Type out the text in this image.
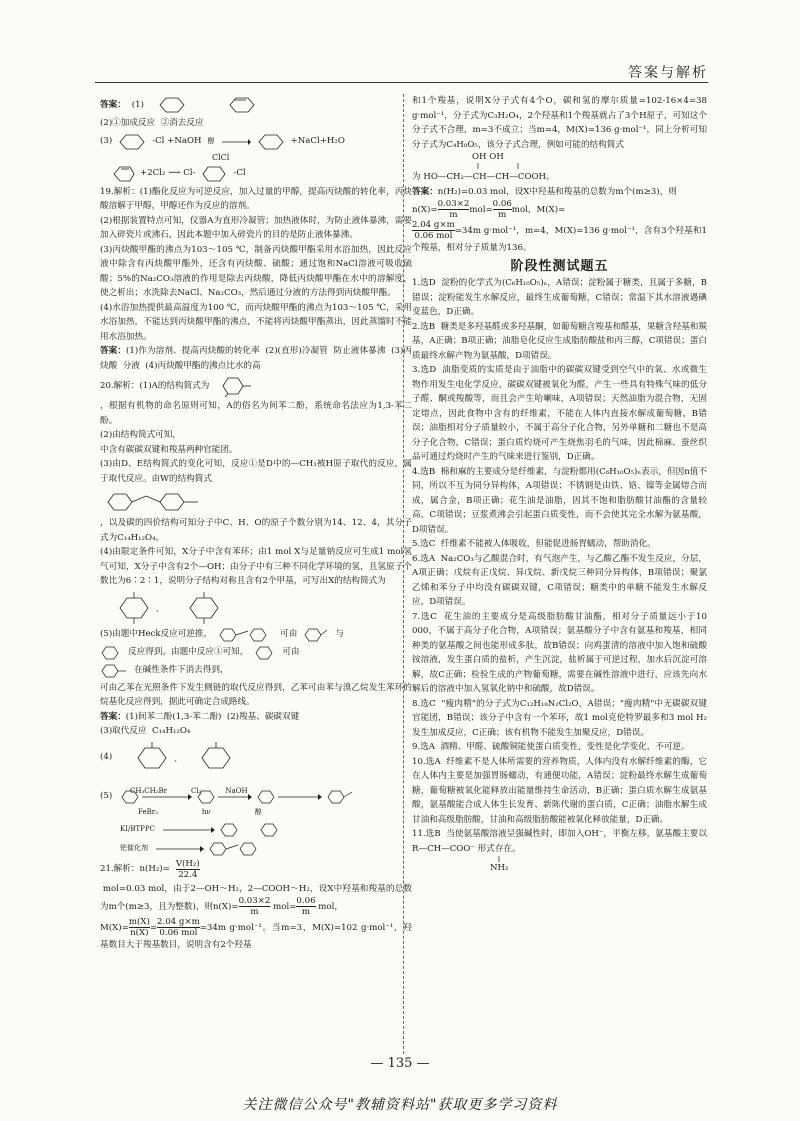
答案与解析
答案： (1)

(2)①加成反应  ②消去反应

(3)	-Cl +NaOH 醇 →	+NaCl+H₂O
ClCl
+2Cl₂ ⟶ Cl-	-Cl

19.解析：(1)酯化反应为可逆反应，加入过量的甲醇，提高丙炔酸的转化率，丙炔酸溶解于甲醇，甲醇还作为反应的溶剂。
(2)根据装置特点可知，仪器A为直形冷凝管；加热液体时，为防止液体暴沸，需要加入碎瓷片或沸石，因此本题中加入碎瓷片的目的是防止液体暴沸。
(3)丙炔酸甲酯的沸点为103～105 ℃，制备丙炔酸甲酯采用水浴加热，因此反应液中除含有丙炔酸甲酯外，还含有丙炔酸、硫酸；通过饱和NaCl溶液可吸收硫酸；5%的Na₂CO₃溶液的作用是除去丙炔酸，降低丙炔酸甲酯在水中的溶解度，使之析出；水洗除去NaCl、Na₂CO₃，然后通过分液的方法得到丙炔酸甲酯。
(4)水浴加热提供最高温度为100 ℃，而丙炔酸甲酯的沸点为103～105 ℃，采用水浴加热，不能达到丙炔酸甲酯的沸点，不能将丙炔酸甲酯蒸出，因此蒸馏时不能用水浴加热。

答案：(1)作为溶剂、提高丙炔酸的转化率  (2)(直形)冷凝管  防止液体暴沸  (3)丙炔酸  分液  (4)丙炔酸甲酯的沸点比水的高

20.解析：(1)A的结构简式为

，根据有机物的命名原则可知，A的俗名为间苯二酚，系统命名法应为1,3-苯二酚。
(2)由结构简式可知，

中含有碳碳双键和羧基两种官能团。
(3)由D、E结构简式的变化可知，反应①是D中的—CH₃被H原子取代的反应，属于取代反应。由W的结构简式

，以及碳的四价结构可知分子中C、H、O的原子个数分别为14、12、4，其分子式为C₁₄H₁₂O₄。
(4)由限定条件可知，X分子中含有苯环；由1 mol X与足量钠反应可生成1 mol氢气可知，X分子中含有2个—OH；由分子中有三种不同化学环境的氢，且氢原子个数比为6∶2∶1，说明分子结构对称且含有2个甲基，可写出X的结构简式为

、
(5)由题中Heck反应可逆推，	可由	与
反应得到。由题中反应①可知，	可由
在碱性条件下消去得到，

可由乙苯在光照条件下发生侧链的取代反应得到，乙苯可由苯与溴乙烷发生苯环的烷基化反应得到，据此可确定合成路线。

答案：(1)间苯二酚(1,3-苯二酚)  (2)羧基、碳碳双键
(3)取代反应  C₁₄H₁₂O₄

(4)	、
(5)
CH₃CH₂Br	Cl₂	NaOH
FeBr₃	hν	醇
KI/BTPPC
钯催化剂
21.解析：$n(H_2)= \frac{\text{V(H₂)}}{22.4}$

mol=0.03 mol，由于2—OH～H₂，2—COOH～H₂，设X中羟基和羧基的总数为m个(m≥3，且为整数)，则$n(X)= \frac{0.03\times 2}{m} mol= \frac{0.06}{m}$ mol，

$M(X)= \frac{m(X)}{n(X)}$ =
2.04 g×m
0.06 mol =34m g·mol⁻¹。当m=3，M(X)=102 g·mol⁻¹，羟基数目大于羧基数目，说明含有2个羟基

和1个羧基，说明X分子式有4个O，碳和氢的摩尔质量=102-16×4=38 g·mol⁻¹，分子式为C₃H₂O₄，2个羟基和1个羧基就占了3个H原子，可知这个分子式不合理，m=3不成立；当m=4，M(X)=136 g·mol⁻¹，同上分析可知分子式为C₄H₈O₅，该分子式合理，例如可能的结构简式

OH OH

为 HO—CH₂—CH—CH—COOH。

答案：n(H₂)=0.03 mol，设X中羟基和羧基的总数为m个(m≥3)，则

$n(X)= \frac{0.03\times 2}{m} mol= \frac{0.06}{m}$ mol，M(X)=

2.04 g×m
0.06 mol =34m g·mol⁻¹，m=4，M(X)=136 g·mol⁻¹，含有3个羟基和1个羧基，相对分子质量为136。

阶段性测试题五

1.选D  淀粉的化学式为(C₆H₁₀O₅)ₙ，A错误；淀粉属于糖类，且属于多糖，B错误；淀粉能发生水解反应，最终生成葡萄糖，C错误；常温下其水溶液遇碘变蓝色，D正确。

2.选B  糖类是多羟基醛或多羟基酮，如葡萄糖含羧基和醛基，果糖含羟基和羰基，A正确；B项正确；油脂皂化反应生成脂肪酸盐和丙三醇，C项错误；蛋白质最终水解产物为氨基酸，D项错误。

3.选D  油脂变质的实质是由于油脂中的碳碳双键受到空气中的氧、水或微生物作用发生电化学反应，碳碳双键被氧化为醛，产生一些具有特殊气味的低分子醛、酮或羧酸等，而且会产生哈喇味，A项错误；天然油脂为混合物，无固定熔点，因此食物中含有的纤维素，不能在人体内直接水解成葡萄糖，B错误；油脂相对分子质量较小，不属于高分子化合物，另外单糖和二糖也不是高分子化合物，C错误；蛋白质灼烧可产生烧焦羽毛的气味，因此棉麻、蚕丝织品可通过灼烧时产生的气味来进行鉴别，D正确。

4.选B  棉和麻的主要成分是纤维素，与淀粉都用(C₆H₁₀O₅)ₙ表示，但因n值不同，所以不互为同分异构体，A项错误；不锈钢是由铁、铬、镍等金属熔合而成，属合金，B项正确；花生油是油脂，因其不饱和脂肪酸甘油酯的含量较高，C项错误；豆浆煮沸会引起蛋白质变性，而不会使其完全水解为氨基酸，D项错误。

5.选C  纤维素不能被人体吸收，但能促进肠胃蠕动，帮助消化。

6.选A  Na₂CO₃与乙酸混合时，有气泡产生，与乙酸乙酯不发生反应，分层，A项正确；戊烷有正戊烷、异戊烷、新戊烷三种同分异构体，B项错误；聚氯乙烯和苯分子中均没有碳碳双键，C项错误；糖类中的单糖不能发生水解反应，D项错误。

7.选C  花生油的主要成分是高级脂肪酸甘油酯，相对分子质量远小于10 000，不属于高分子化合物，A项错误；氨基酸分子中含有氨基和羧基，相同种类的氨基酸之间也能形成多肽，故B错误；向鸡蛋清的溶液中加入饱和硫酸铵溶液，发生蛋白质的盐析，产生沉淀，盐析属于可逆过程，加水后沉淀可溶解，故C正确；检验生成的产物葡萄糖，需要在碱性溶液中进行，应该先向水解后的溶液中加入氢氧化钠中和硫酸，故D错误。

8.选C  "瘦肉精"的分子式为C₁₂H₁₈N₂Cl₂O，A错误；"瘦肉精"中无碳碳双键官能团，B错误；该分子中含有一个苯环，故1 mol克伦特罗最多和3 mol H₂发生加成反应，C正确；该有机物不能发生加聚反应，D错误。

9.选A  酒精、甲醛、硫酸铜能使蛋白质变性，变性是化学变化，不可逆。

10.选A  纤维素不是人体所需要的营养物质，人体内没有水解纤维素的酶，它在人体内主要是加强胃肠蠕动，有通便功能，A错误；淀粉最终水解生成葡萄糖，葡萄糖被氧化能释放出能量维持生命活动，B正确；蛋白质水解生成氨基酸，氨基酸能合成人体生长发育、新陈代谢的蛋白质，C正确；油脂水解生成甘油和高级脂肪酸，甘油和高级脂肪酸能被氧化释放能量，D正确。

11.选B  当使氨基酸溶液呈强碱性时，即加入OH⁻，平衡左移，氨基酸主要以 R—CH—COO⁻ 形式存在。

NH₂
— 135 —
关注微信公众号"教辅资料站"获取更多学习资料
